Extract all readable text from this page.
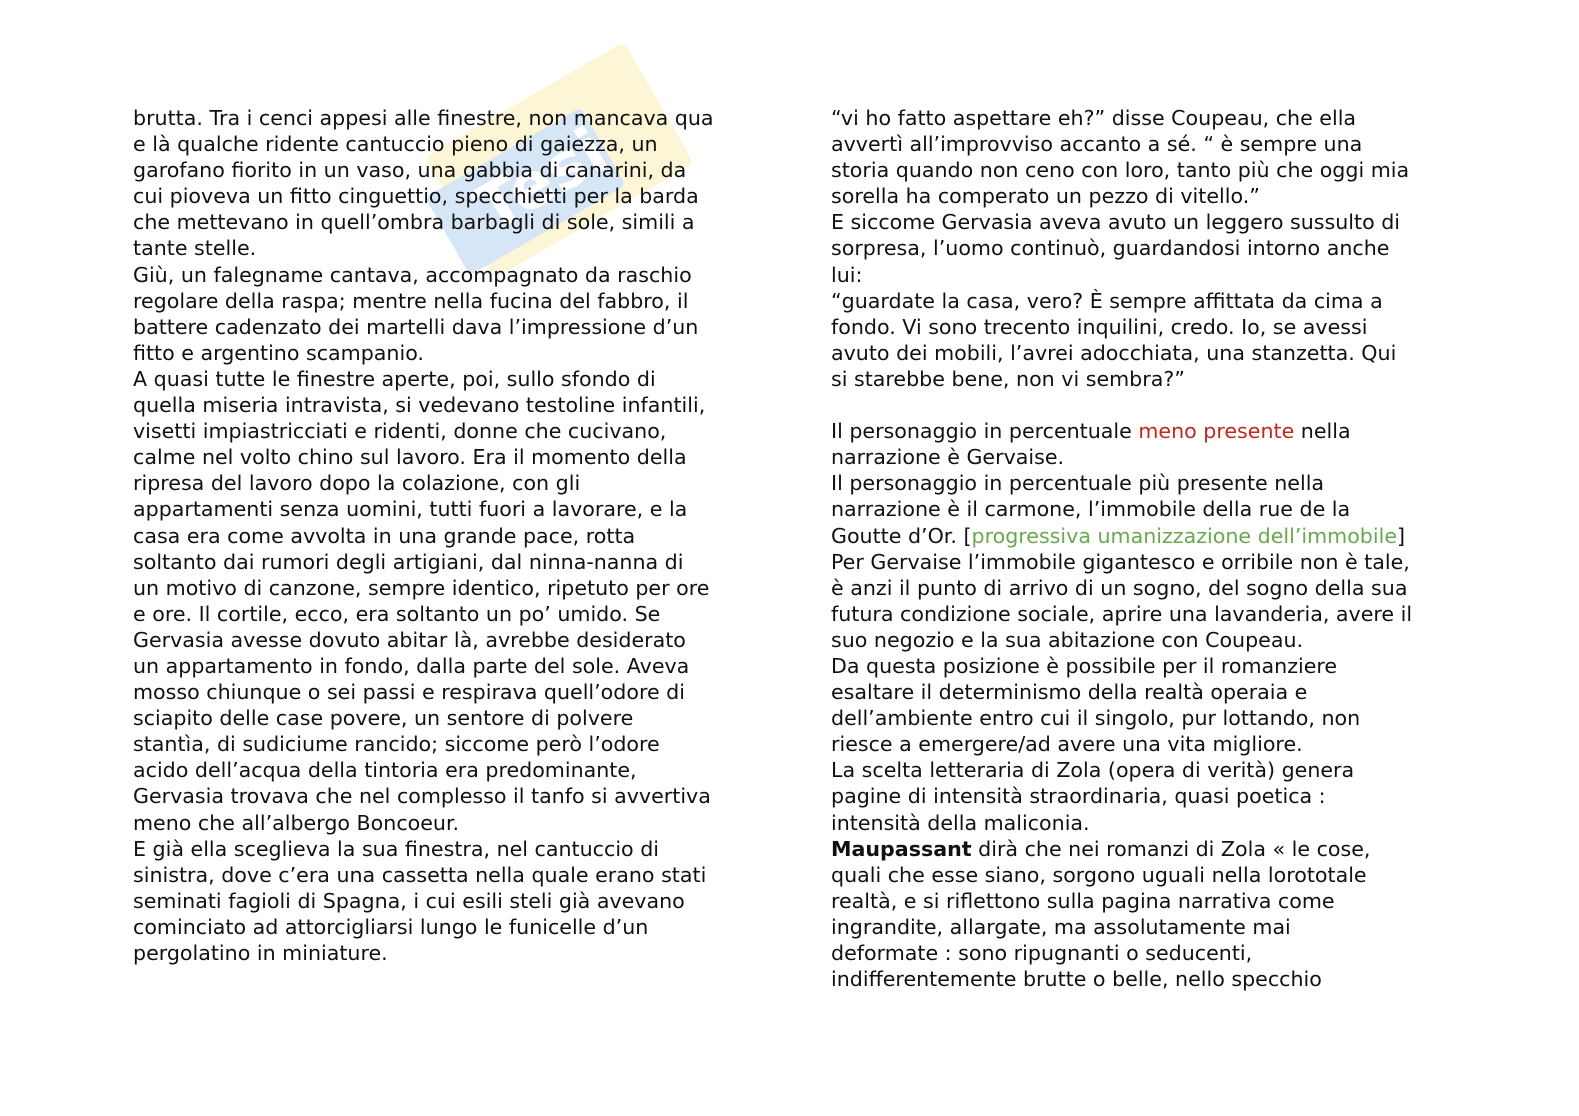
Tesi
brutta. Tra i cenci appesi alle finestre, non mancava qua
e là qualche ridente cantuccio pieno di gaiezza, un
garofano fiorito in un vaso, una gabbia di canarini, da
cui pioveva un fitto cinguettio, specchietti per la barda
che mettevano in quell’ombra barbagli di sole, simili a
tante stelle.
Giù, un falegname cantava, accompagnato da raschio
regolare della raspa; mentre nella fucina del fabbro, il
battere cadenzato dei martelli dava l’impressione d’un
fitto e argentino scampanio.
A quasi tutte le finestre aperte, poi, sullo sfondo di
quella miseria intravista, si vedevano testoline infantili,
visetti impiastricciati e ridenti, donne che cucivano,
calme nel volto chino sul lavoro. Era il momento della
ripresa del lavoro dopo la colazione, con gli
appartamenti senza uomini, tutti fuori a lavorare, e la
casa era come avvolta in una grande pace, rotta
soltanto dai rumori degli artigiani, dal ninna-nanna di
un motivo di canzone, sempre identico, ripetuto per ore
e ore. Il cortile, ecco, era soltanto un po’ umido. Se
Gervasia avesse dovuto abitar là, avrebbe desiderato
un appartamento in fondo, dalla parte del sole. Aveva
mosso chiunque o sei passi e respirava quell’odore di
sciapito delle case povere, un sentore di polvere
stantìa, di sudiciume rancido; siccome però l’odore
acido dell’acqua della tintoria era predominante,
Gervasia trovava che nel complesso il tanfo si avvertiva
meno che all’albergo Boncoeur.
E già ella sceglieva la sua finestra, nel cantuccio di
sinistra, dove c’era una cassetta nella quale erano stati
seminati fagioli di Spagna, i cui esili steli già avevano
cominciato ad attorcigliarsi lungo le funicelle d’un
pergolatino in miniature.
“vi ho fatto aspettare eh?” disse Coupeau, che ella
avvertì all’improvviso accanto a sé. “ è sempre una
storia quando non ceno con loro, tanto più che oggi mia
sorella ha comperato un pezzo di vitello.”
E siccome Gervasia aveva avuto un leggero sussulto di
sorpresa, l’uomo continuò, guardandosi intorno anche
lui:
“guardate la casa, vero? È sempre affittata da cima a
fondo. Vi sono trecento inquilini, credo. Io, se avessi
avuto dei mobili, l’avrei adocchiata, una stanzetta. Qui
si starebbe bene, non vi sembra?”
Il personaggio in percentuale meno presente nella
narrazione è Gervaise.
Il personaggio in percentuale più presente nella
narrazione è il carmone, l’immobile della rue de la
Goutte d’Or. [progressiva umanizzazione dell’immobile]
Per Gervaise l’immobile gigantesco e orribile non è tale,
è anzi il punto di arrivo di un sogno, del sogno della sua
futura condizione sociale, aprire una lavanderia, avere il
suo negozio e la sua abitazione con Coupeau.
Da questa posizione è possibile per il romanziere
esaltare il determinismo della realtà operaia e
dell’ambiente entro cui il singolo, pur lottando, non
riesce a emergere/ad avere una vita migliore.
La scelta letteraria di Zola (opera di verità) genera
pagine di intensità straordinaria, quasi poetica :
intensità della maliconia.
Maupassant dirà che nei romanzi di Zola « le cose,
quali che esse siano, sorgono uguali nella lorototale
realtà, e si riflettono sulla pagina narrativa come
ingrandite, allargate, ma assolutamente mai
deformate : sono ripugnanti o seducenti,
indifferentemente brutte o belle, nello specchio
